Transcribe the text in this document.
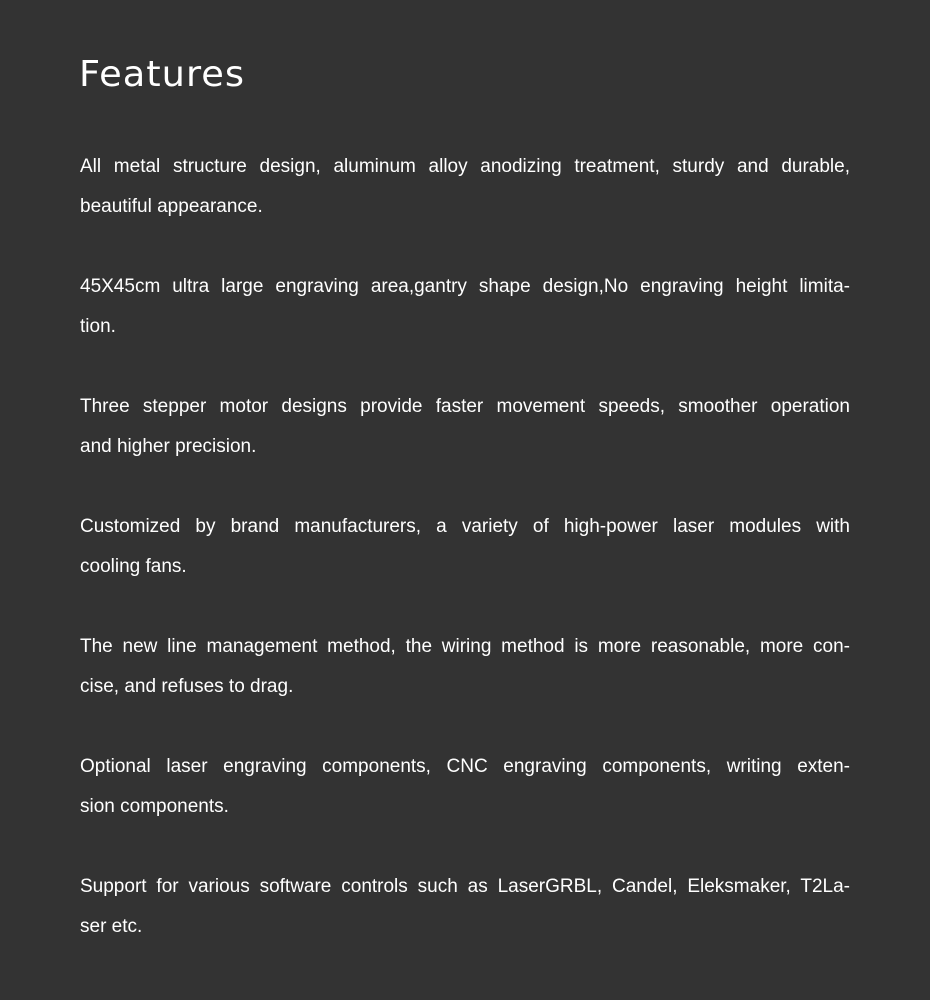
Features
All metal structure design, aluminum alloy anodizing treatment, sturdy and durable,
beautiful appearance.
45X45cm ultra large engraving area,gantry shape design,No engraving height limita-
tion.
Three stepper motor designs provide faster movement speeds, smoother operation
and higher precision.
Customized by brand manufacturers, a variety of high-power laser modules with
cooling fans.
The new line management method, the wiring method is more reasonable, more con-
cise, and refuses to drag.
Optional laser engraving components, CNC engraving components, writing exten-
sion components.
Support for various software controls such as LaserGRBL, Candel, Eleksmaker, T2La-
ser etc.
